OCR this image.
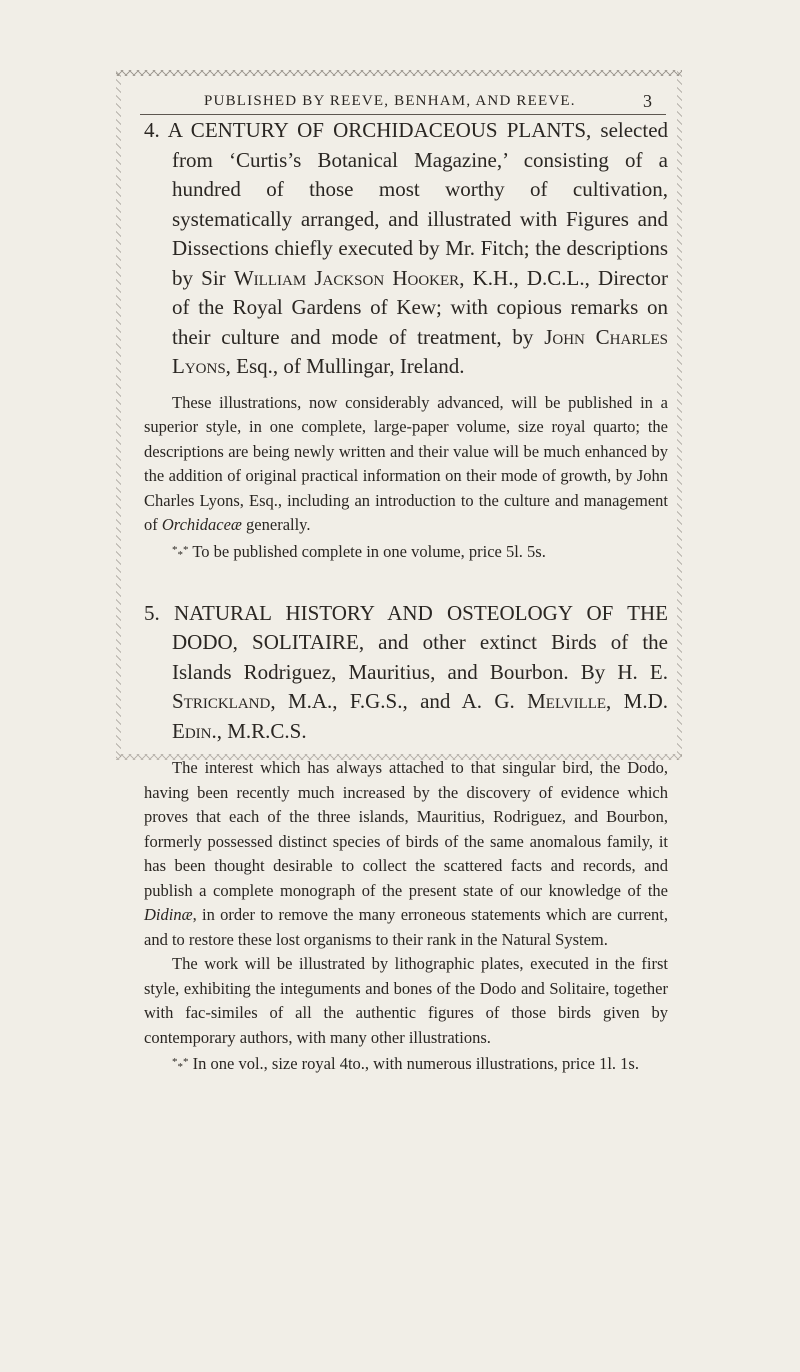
PUBLISHED BY REEVE, BENHAM, AND REEVE.	3
4. A CENTURY OF ORCHIDACEOUS PLANTS, selected from ‘Curtis’s Botanical Magazine,’ consisting of a hundred of those most worthy of cultivation, systematically arranged, and illustrated with Figures and Dissections chiefly executed by Mr. Fitch; the descriptions by Sir William Jackson Hooker, K.H., D.C.L., Director of the Royal Gardens of Kew; with copious remarks on their culture and mode of treatment, by John Charles Lyons, Esq., of Mullingar, Ireland.

These illustrations, now considerably advanced, will be published in a superior style, in one complete, large-paper volume, size royal quarto; the descriptions are being newly written and their value will be much enhanced by the addition of original practical information on their mode of growth, by John Charles Lyons, Esq., including an introduction to the culture and management of Orchidaceæ generally.

*** To be published complete in one volume, price 5l. 5s.

5. NATURAL HISTORY AND OSTEOLOGY OF THE DODO, SOLITAIRE, and other extinct Birds of the Islands Rodriguez, Mauritius, and Bourbon. By H. E. Strickland, M.A., F.G.S., and A. G. Melville, M.D. Edin., M.R.C.S.

The interest which has always attached to that singular bird, the Dodo, having been recently much increased by the discovery of evidence which proves that each of the three islands, Mauritius, Rodriguez, and Bourbon, formerly possessed distinct species of birds of the same anomalous family, it has been thought desirable to collect the scattered facts and records, and publish a complete monograph of the present state of our knowledge of the Didinæ, in order to remove the many erroneous statements which are current, and to restore these lost organisms to their rank in the Natural System.

The work will be illustrated by lithographic plates, executed in the first style, exhibiting the integuments and bones of the Dodo and Solitaire, together with fac-similes of all the authentic figures of those birds given by contemporary authors, with many other illustrations.

*** In one vol., size royal 4to., with numerous illustrations, price 1l. 1s.
